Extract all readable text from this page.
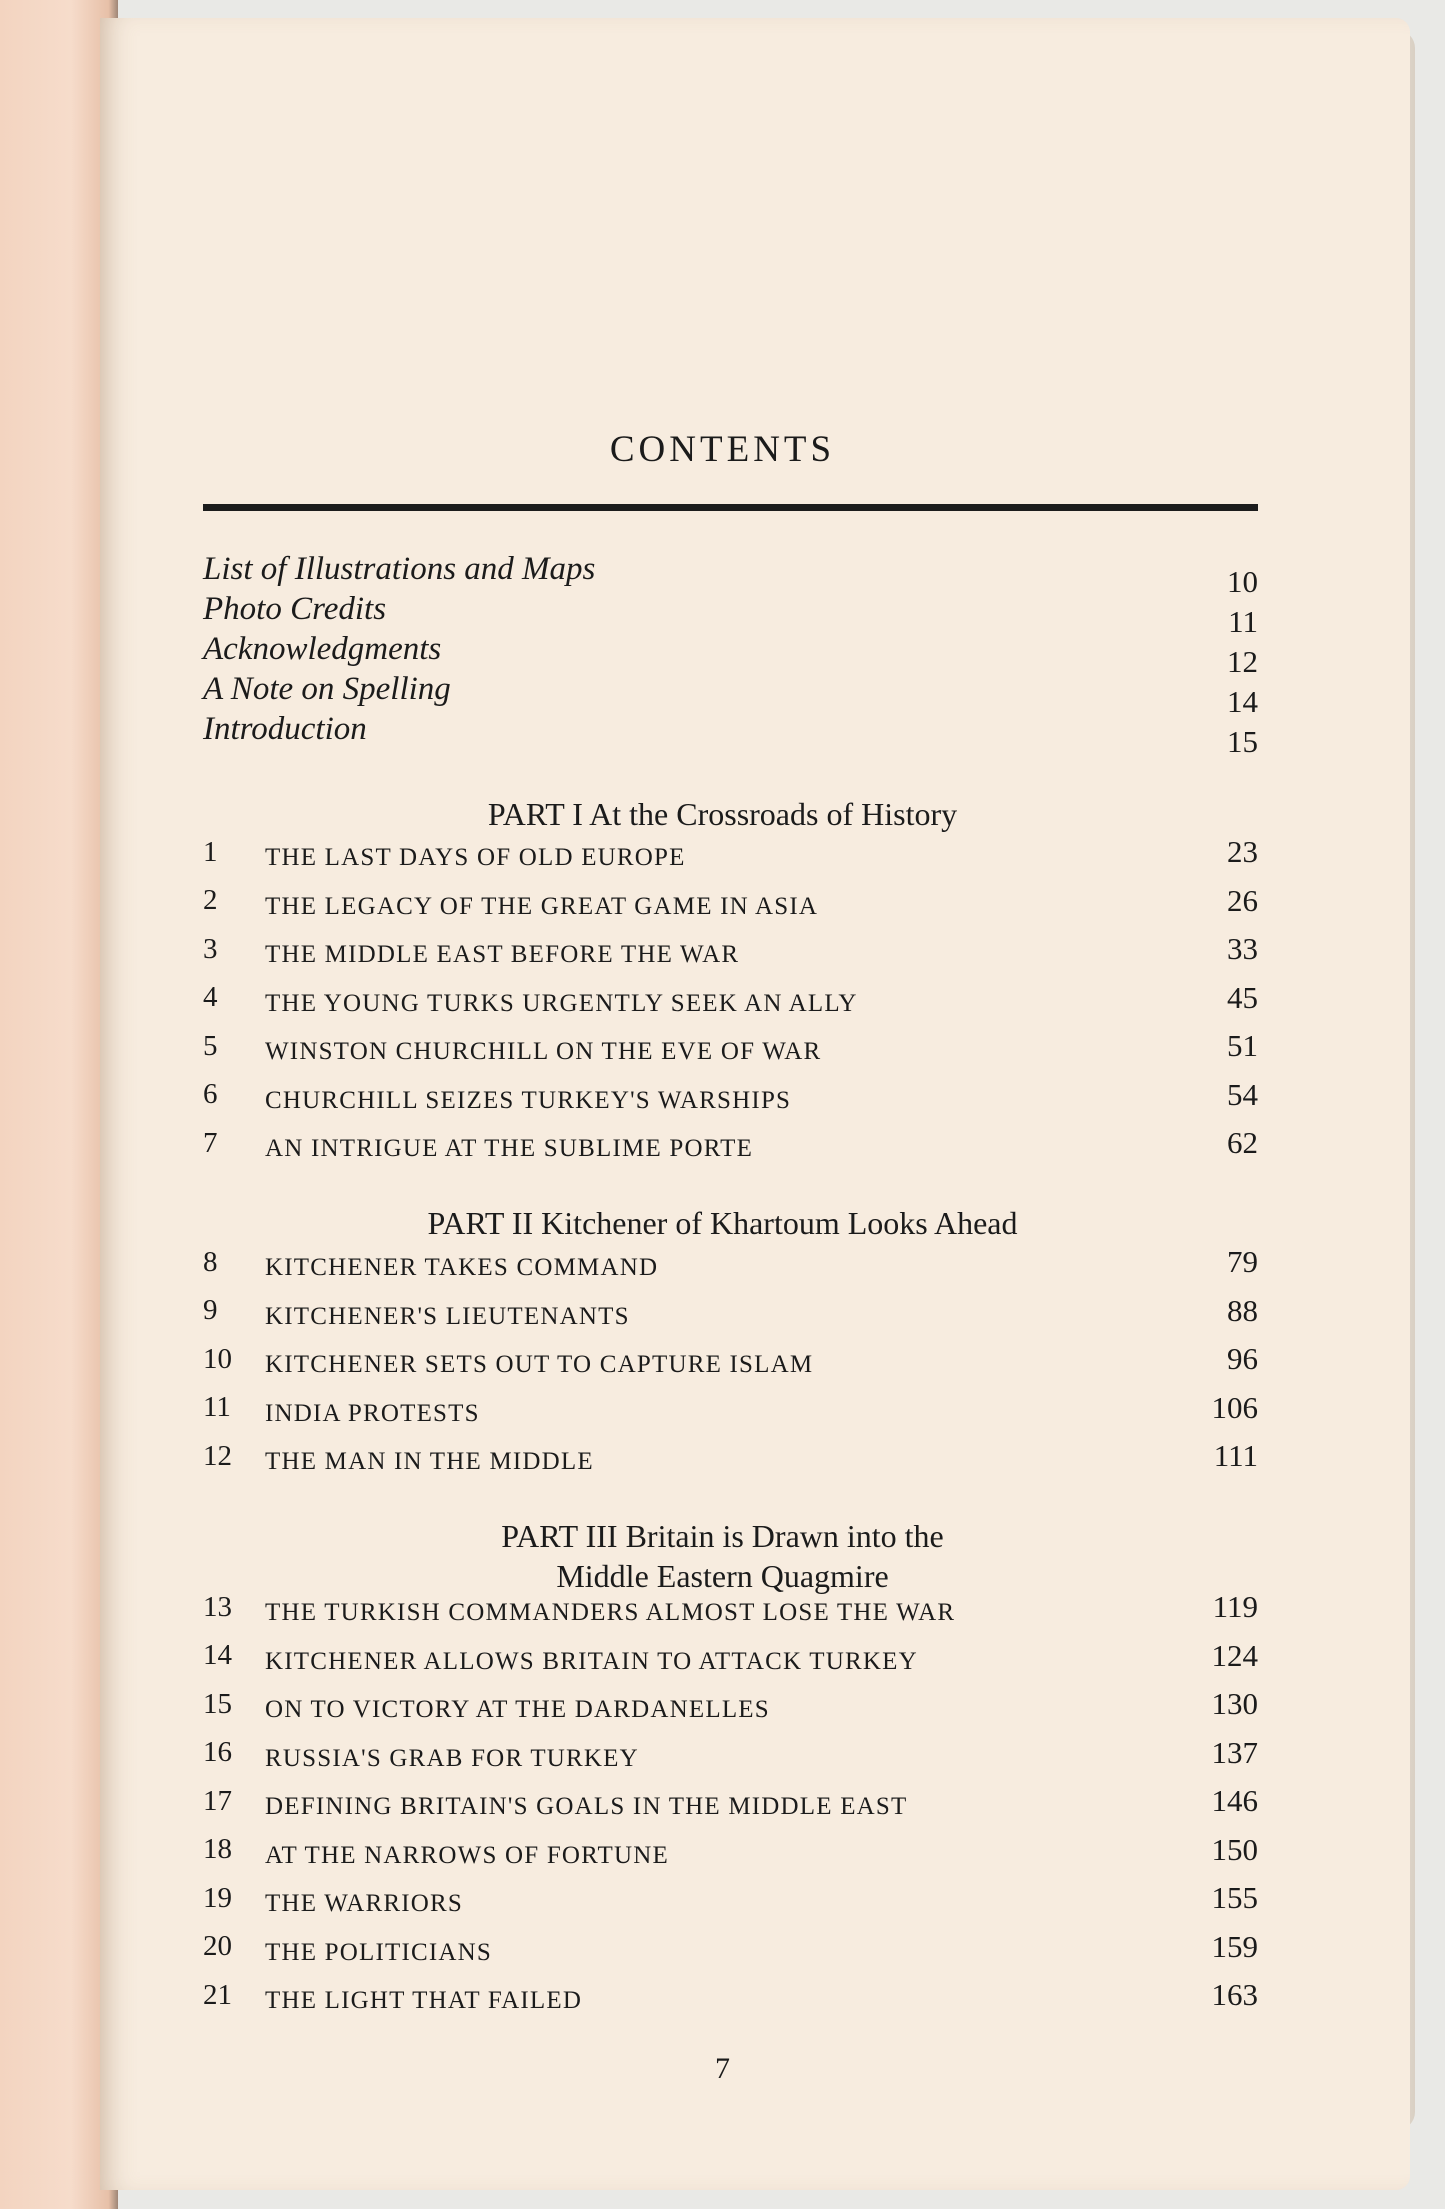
CONTENTS
List of Illustrations and Maps	10
Photo Credits	11
Acknowledgments	12
A Note on Spelling	14
Introduction	15
PART I At the Crossroads of History
1	THE LAST DAYS OF OLD EUROPE	23
2	THE LEGACY OF THE GREAT GAME IN ASIA	26
3	THE MIDDLE EAST BEFORE THE WAR	33
4	THE YOUNG TURKS URGENTLY SEEK AN ALLY	45
5	WINSTON CHURCHILL ON THE EVE OF WAR	51
6	CHURCHILL SEIZES TURKEY'S WARSHIPS	54
7	AN INTRIGUE AT THE SUBLIME PORTE	62
PART II Kitchener of Khartoum Looks Ahead
8	KITCHENER TAKES COMMAND	79
9	KITCHENER'S LIEUTENANTS	88
10	KITCHENER SETS OUT TO CAPTURE ISLAM	96
11	INDIA PROTESTS	106
12	THE MAN IN THE MIDDLE	111
PART III Britain is Drawn into the
Middle Eastern Quagmire
13	THE TURKISH COMMANDERS ALMOST LOSE THE WAR	119
14	KITCHENER ALLOWS BRITAIN TO ATTACK TURKEY	124
15	ON TO VICTORY AT THE DARDANELLES	130
16	RUSSIA'S GRAB FOR TURKEY	137
17	DEFINING BRITAIN'S GOALS IN THE MIDDLE EAST	146
18	AT THE NARROWS OF FORTUNE	150
19	THE WARRIORS	155
20	THE POLITICIANS	159
21	THE LIGHT THAT FAILED	163
7
